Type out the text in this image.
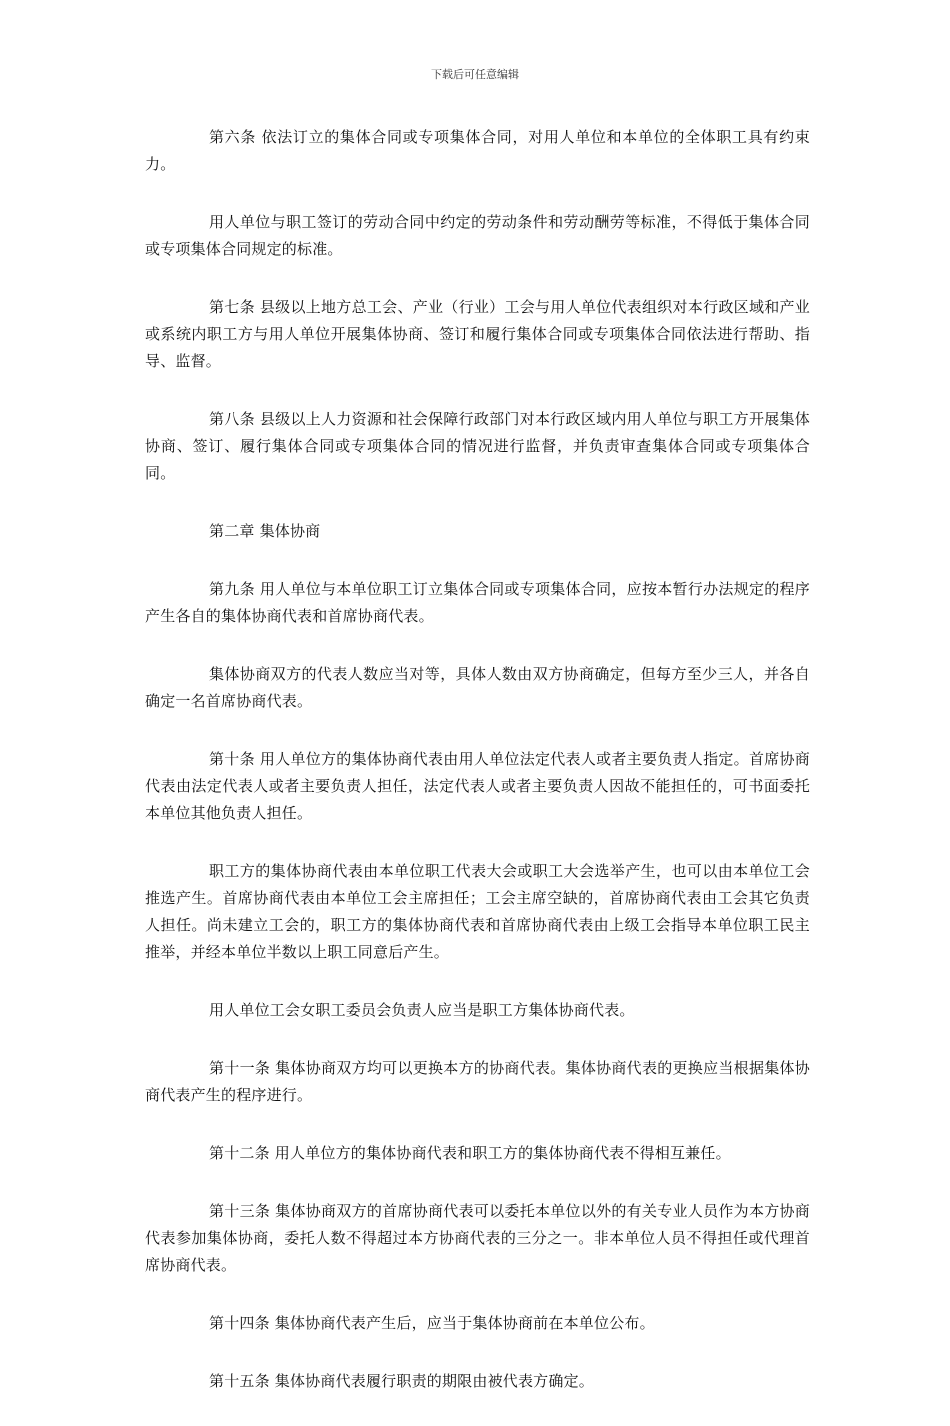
下载后可任意编辑

第六条 依法订立的集体合同或专项集体合同，对用人单位和本单位的全体职工具有约束力。

用人单位与职工签订的劳动合同中约定的劳动条件和劳动酬劳等标准，不得低于集体合同或专项集体合同规定的标准。

第七条 县级以上地方总工会、产业（行业）工会与用人单位代表组织对本行政区域和产业或系统内职工方与用人单位开展集体协商、签订和履行集体合同或专项集体合同依法进行帮助、指导、监督。

第八条 县级以上人力资源和社会保障行政部门对本行政区域内用人单位与职工方开展集体协商、签订、履行集体合同或专项集体合同的情况进行监督，并负责审查集体合同或专项集体合同。

第二章 集体协商

第九条 用人单位与本单位职工订立集体合同或专项集体合同，应按本暂行办法规定的程序产生各自的集体协商代表和首席协商代表。

集体协商双方的代表人数应当对等，具体人数由双方协商确定，但每方至少三人，并各自确定一名首席协商代表。

第十条 用人单位方的集体协商代表由用人单位法定代表人或者主要负责人指定。首席协商代表由法定代表人或者主要负责人担任，法定代表人或者主要负责人因故不能担任的，可书面委托本单位其他负责人担任。

职工方的集体协商代表由本单位职工代表大会或职工大会选举产生，也可以由本单位工会推选产生。首席协商代表由本单位工会主席担任；工会主席空缺的，首席协商代表由工会其它负责人担任。尚未建立工会的，职工方的集体协商代表和首席协商代表由上级工会指导本单位职工民主推举，并经本单位半数以上职工同意后产生。

用人单位工会女职工委员会负责人应当是职工方集体协商代表。

第十一条 集体协商双方均可以更换本方的协商代表。集体协商代表的更换应当根据集体协商代表产生的程序进行。

第十二条 用人单位方的集体协商代表和职工方的集体协商代表不得相互兼任。

第十三条 集体协商双方的首席协商代表可以委托本单位以外的有关专业人员作为本方协商代表参加集体协商，委托人数不得超过本方协商代表的三分之一。非本单位人员不得担任或代理首席协商代表。

第十四条 集体协商代表产生后，应当于集体协商前在本单位公布。

第十五条 集体协商代表履行职责的期限由被代表方确定。
